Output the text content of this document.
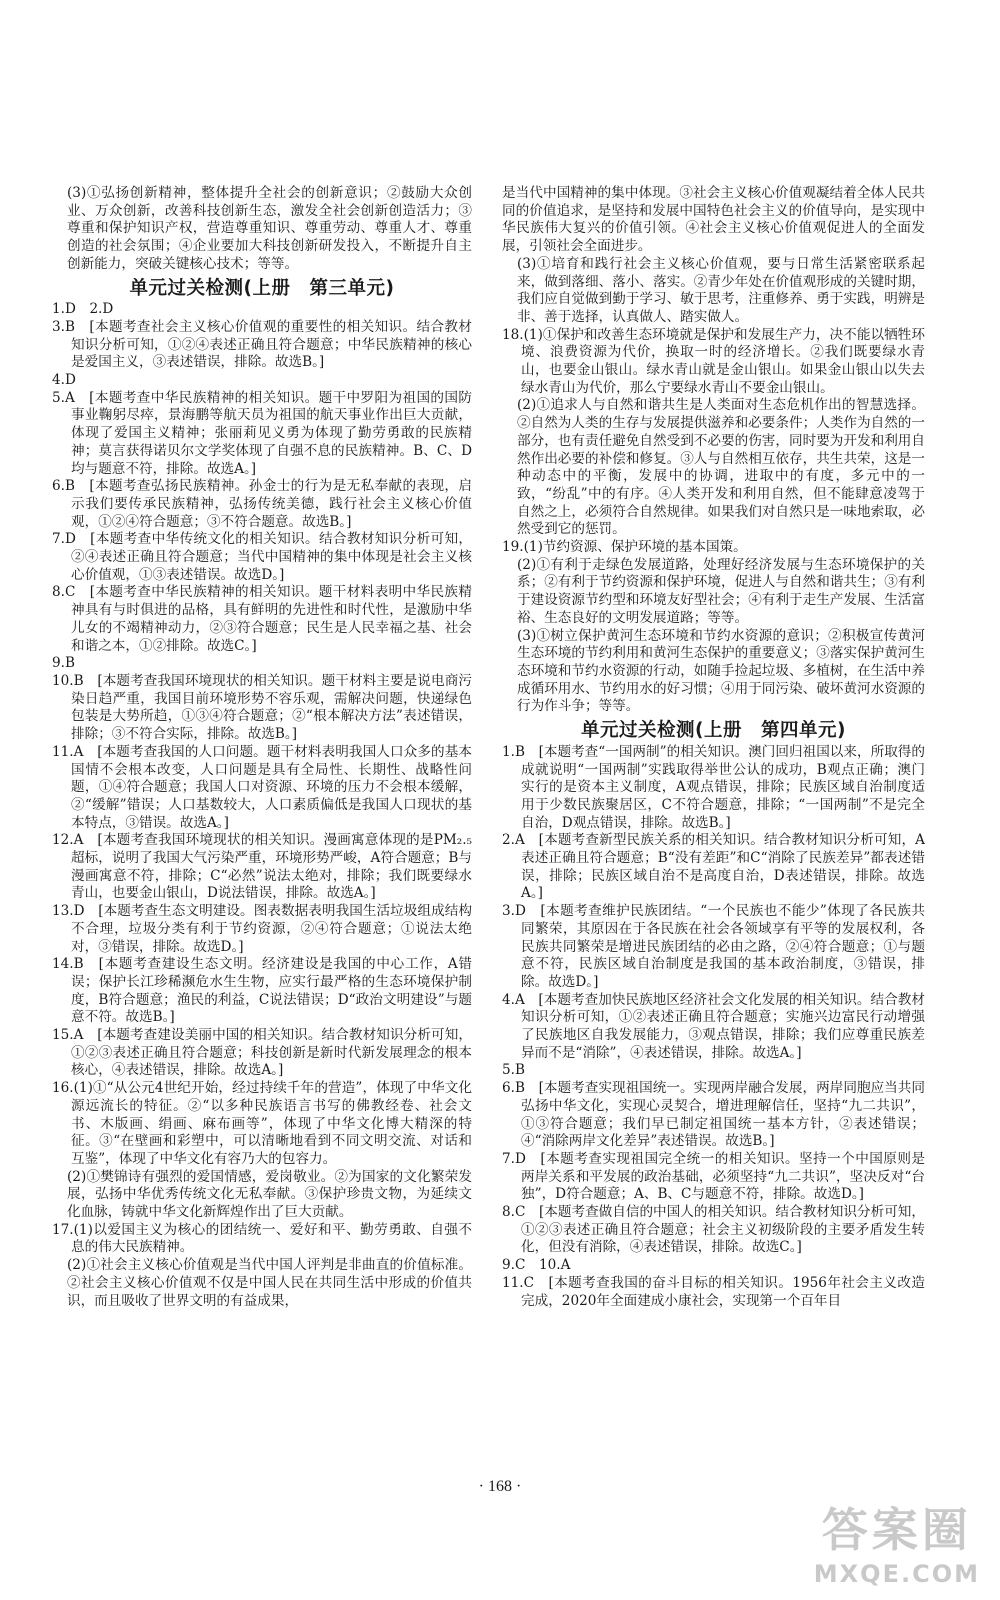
(3)①弘扬创新精神，整体提升全社会的创新意识；②鼓励大众创业、万众创新，改善科技创新生态，激发全社会创新创造活力；③尊重和保护知识产权，营造尊重知识、尊重劳动、尊重人才、尊重创造的社会氛围；④企业要加大科技创新研发投入，不断提升自主创新能力，突破关键核心技术；等等。

单元过关检测(上册　第三单元)

1.D　2.D

3.B　[本题考查社会主义核心价值观的重要性的相关知识。结合教材知识分析可知，①②④表述正确且符合题意；中华民族精神的核心是爱国主义，③表述错误，排除。故选B。]

4.D

5.A　[本题考查中华民族精神的相关知识。题干中罗阳为祖国的国防事业鞠躬尽瘁，景海鹏等航天员为祖国的航天事业作出巨大贡献，体现了爱国主义精神；张丽莉见义勇为体现了勤劳勇敢的民族精神；莫言获得诺贝尔文学奖体现了自强不息的民族精神。B、C、D均与题意不符，排除。故选A。]

6.B　[本题考查弘扬民族精神。孙金士的行为是无私奉献的表现，启示我们要传承民族精神，弘扬传统美德，践行社会主义核心价值观，①②④符合题意；③不符合题意。故选B。]

7.D　[本题考查中华传统文化的相关知识。结合教材知识分析可知，②④表述正确且符合题意；当代中国精神的集中体现是社会主义核心价值观，①③表述错误。故选D。]

8.C　[本题考查中华民族精神的相关知识。题干材料表明中华民族精神具有与时俱进的品格，具有鲜明的先进性和时代性，是激励中华儿女的不竭精神动力，②③符合题意；民生是人民幸福之基、社会和谐之本，①②排除。故选C。]

9.B

10.B　[本题考查我国环境现状的相关知识。题干材料主要是说电商污染日趋严重，我国目前环境形势不容乐观，需解决问题，快递绿色包装是大势所趋，①③④符合题意；②“根本解决方法”表述错误，排除；③不符合实际，排除。故选B。]

11.A　[本题考查我国的人口问题。题干材料表明我国人口众多的基本国情不会根本改变，人口问题是具有全局性、长期性、战略性问题，①④符合题意；我国人口对资源、环境的压力不会根本缓解，②“缓解”错误；人口基数较大，人口素质偏低是我国人口现状的基本特点，③错误。故选A。]

12.A　[本题考查我国环境现状的相关知识。漫画寓意体现的是PM₂.₅超标，说明了我国大气污染严重，环境形势严峻，A符合题意；B与漫画寓意不符，排除；C“必然”说法太绝对，排除；我们既要绿水青山，也要金山银山，D说法错误，排除。故选A。]

13.D　[本题考查生态文明建设。图表数据表明我国生活垃圾组成结构不合理，垃圾分类有利于节约资源，②④符合题意；①说法太绝对，③错误，排除。故选D。]

14.B　[本题考查建设生态文明。经济建设是我国的中心工作，A错误；保护长江珍稀濒危水生生物，应实行最严格的生态环境保护制度，B符合题意；渔民的利益，C说法错误；D“政治文明建设”与题意不符。故选B。]

15.A　[本题考查建设美丽中国的相关知识。结合教材知识分析可知，①②③表述正确且符合题意；科技创新是新时代新发展理念的根本核心，④表述错误，排除。故选A。]

16.(1)①“从公元4世纪开始，经过持续千年的营造”，体现了中华文化源远流长的特征。②“以多种民族语言书写的佛教经卷、社会文书、木版画、绢画、麻布画等”，体现了中华文化博大精深的特征。③“在壁画和彩塑中，可以清晰地看到不同文明交流、对话和互鉴”，体现了中华文化有容乃大的包容力。

(2)①樊锦诗有强烈的爱国情感，爱岗敬业。②为国家的文化繁荣发展，弘扬中华优秀传统文化无私奉献。③保护珍贵文物，为延续文化血脉，铸就中华文化新辉煌作出了巨大贡献。

17.(1)以爱国主义为核心的团结统一、爱好和平、勤劳勇敢、自强不息的伟大民族精神。

(2)①社会主义核心价值观是当代中国人评判是非曲直的价值标准。②社会主义核心价值观不仅是中国人民在共同生活中形成的价值共识，而且吸收了世界文明的有益成果，

是当代中国精神的集中体现。③社会主义核心价值观凝结着全体人民共同的价值追求，是坚持和发展中国特色社会主义的价值导向，是实现中华民族伟大复兴的价值引领。④社会主义核心价值观促进人的全面发展，引领社会全面进步。

(3)①培育和践行社会主义核心价值观，要与日常生活紧密联系起来，做到落细、落小、落实。②青少年处在价值观形成的关键时期，我们应自觉做到勤于学习、敏于思考，注重修养、勇于实践，明辨是非、善于选择，认真做人、踏实做人。

18.(1)①保护和改善生态环境就是保护和发展生产力，决不能以牺牲环境、浪费资源为代价，换取一时的经济增长。②我们既要绿水青山，也要金山银山。绿水青山就是金山银山。如果金山银山以失去绿水青山为代价，那么宁要绿水青山不要金山银山。

(2)①追求人与自然和谐共生是人类面对生态危机作出的智慧选择。②自然为人类的生存与发展提供滋养和必要条件；人类作为自然的一部分，也有责任避免自然受到不必要的伤害，同时要为开发和利用自然作出必要的补偿和修复。③人与自然相互依存，共生共荣，这是一种动态中的平衡，发展中的协调，进取中的有度，多元中的一致，“纷乱”中的有序。④人类开发和利用自然，但不能肆意凌驾于自然之上，必须符合自然规律。如果我们对自然只是一味地索取，必然受到它的惩罚。

19.(1)节约资源、保护环境的基本国策。

(2)①有利于走绿色发展道路，处理好经济发展与生态环境保护的关系；②有利于节约资源和保护环境，促进人与自然和谐共生；③有利于建设资源节约型和环境友好型社会；④有利于走生产发展、生活富裕、生态良好的文明发展道路；等等。

(3)①树立保护黄河生态环境和节约水资源的意识；②积极宣传黄河生态环境的节约利用和黄河生态保护的重要意义；③落实保护黄河生态环境和节约水资源的行动，如随手捡起垃圾、多植树，在生活中养成循环用水、节约用水的好习惯；④用于同污染、破坏黄河水资源的行为作斗争；等等。

单元过关检测(上册　第四单元)

1.B　[本题考查“一国两制”的相关知识。澳门回归祖国以来，所取得的成就说明“一国两制”实践取得举世公认的成功，B观点正确；澳门实行的是资本主义制度，A观点错误，排除；民族区域自治制度适用于少数民族聚居区，C不符合题意，排除；“一国两制”不是完全自治，D观点错误，排除。故选B。]

2.A　[本题考查新型民族关系的相关知识。结合教材知识分析可知，A表述正确且符合题意；B“没有差距”和C“消除了民族差异”都表述错误，排除；民族区域自治不是高度自治，D表述错误，排除。故选A。]

3.D　[本题考查维护民族团结。“一个民族也不能少”体现了各民族共同繁荣，其原因在于各民族在社会各领域享有平等的发展权利，各民族共同繁荣是增进民族团结的必由之路，②④符合题意；①与题意不符，民族区域自治制度是我国的基本政治制度，③错误，排除。故选D。]

4.A　[本题考查加快民族地区经济社会文化发展的相关知识。结合教材知识分析可知，①②表述正确且符合题意；实施兴边富民行动增强了民族地区自我发展能力，③观点错误，排除；我们应尊重民族差异而不是“消除”，④表述错误，排除。故选A。]

5.B

6.B　[本题考查实现祖国统一。实现两岸融合发展，两岸同胞应当共同弘扬中华文化，实现心灵契合，增进理解信任，坚持“九二共识”，①③符合题意；我们早已制定祖国统一基本方针，②表述错误；④“消除两岸文化差异”表述错误。故选B。]

7.D　[本题考查实现祖国完全统一的相关知识。坚持一个中国原则是两岸关系和平发展的政治基础，必须坚持“九二共识”，坚决反对“台独”，D符合题意；A、B、C与题意不符，排除。故选D。]

8.C　[本题考查做自信的中国人的相关知识。结合教材知识分析可知，①②③表述正确且符合题意；社会主义初级阶段的主要矛盾发生转化，但没有消除，④表述错误，排除。故选C。]

9.C　10.A

11.C　[本题考查我国的奋斗目标的相关知识。1956年社会主义改造完成，2020年全面建成小康社会，实现第一个百年目

· 168 ·
答案圈
MXQE.COM
